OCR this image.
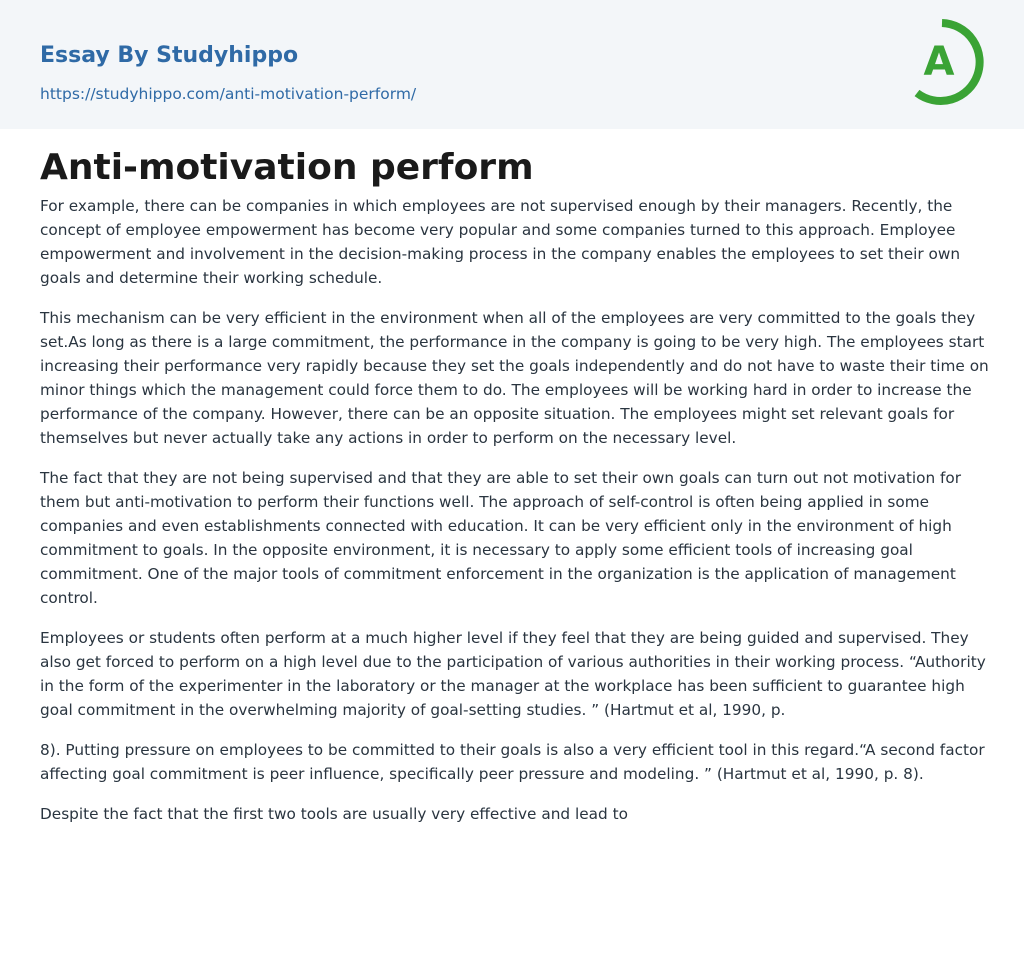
Essay By Studyhippo
https://studyhippo.com/anti-motivation-perform/
A
Anti-motivation perform

For example, there can be companies in which employees are not supervised enough by their managers. Recently, the concept of employee empowerment has become very popular and some companies turned to this approach. Employee empowerment and involvement in the decision-making process in the company enables the employees to set their own goals and determine their working schedule.

This mechanism can be very efficient in the environment when all of the employees are very committed to the goals they set.As long as there is a large commitment, the performance in the company is going to be very high. The employees start increasing their performance very rapidly because they set the goals independently and do not have to waste their time on minor things which the management could force them to do. The employees will be working hard in order to increase the performance of the company. However, there can be an opposite situation. The employees might set relevant goals for themselves but never actually take any actions in order to perform on the necessary level.

The fact that they are not being supervised and that they are able to set their own goals can turn out not motivation for them but anti-motivation to perform their functions well. The approach of self-control is often being applied in some companies and even establishments connected with education. It can be very efficient only in the environment of high commitment to goals. In the opposite environment, it is necessary to apply some efficient tools of increasing goal commitment. One of the major tools of commitment enforcement in the organization is the application of management control.

Employees or students often perform at a much higher level if they feel that they are being guided and supervised. They also get forced to perform on a high level due to the participation of various authorities in their working process. “Authority in the form of the experimenter in the laboratory or the manager at the workplace has been sufficient to guarantee high goal commitment in the overwhelming majority of goal-setting studies. ” (Hartmut et al, 1990, p.

8). Putting pressure on employees to be committed to their goals is also a very efficient tool in this regard.“A second factor affecting goal commitment is peer influence, specifically peer pressure and modeling. ” (Hartmut et al, 1990, p. 8).

Despite the fact that the first two tools are usually very effective and lead to
